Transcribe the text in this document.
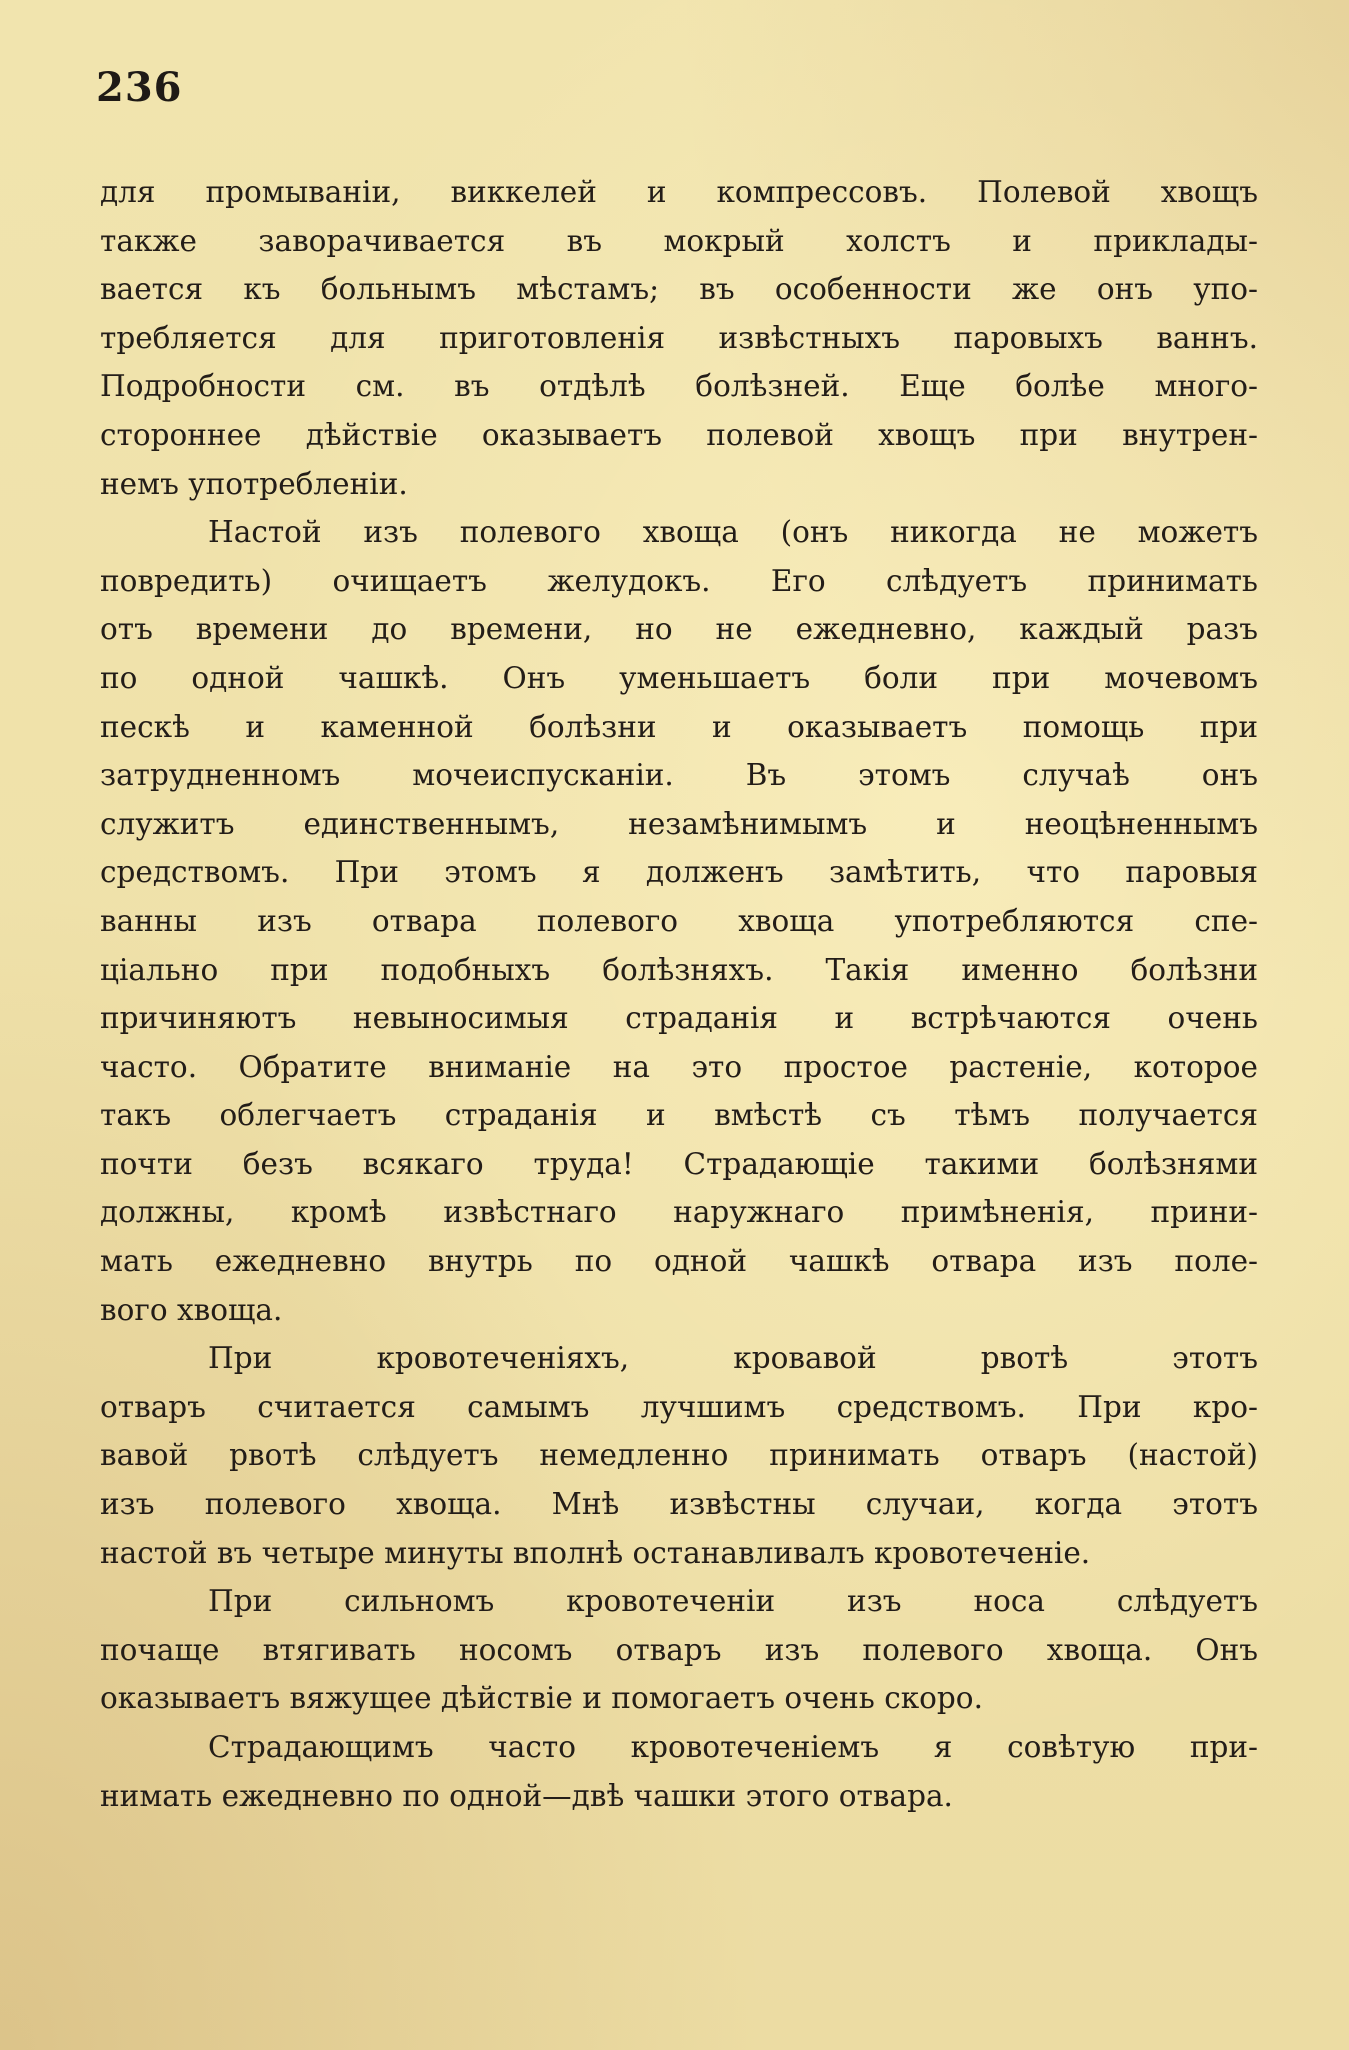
236
для промыванiи, виккелей и компрессовъ. Полевой хвощъ
также заворачивается въ мокрый холстъ и приклады-
вается къ больнымъ мѣстамъ; въ особенности же онъ упо-
требляется для приготовленiя извѣстныхъ паровыхъ ваннъ.
Подробности см. въ отдѣлѣ болѣзней. Еще болѣе много-
стороннее дѣйствiе оказываетъ полевой хвощъ при внутрен-
немъ употребленiи.
Настой изъ полевого хвоща (онъ никогда не можетъ
повредить) очищаетъ желудокъ. Его слѣдуетъ принимать
отъ времени до времени, но не ежедневно, каждый разъ
по одной чашкѣ. Онъ уменьшаетъ боли при мочевомъ
пескѣ и каменной болѣзни и оказываетъ помощь при
затрудненномъ мочеиспусканiи. Въ этомъ случаѣ онъ
служитъ единственнымъ, незамѣнимымъ и неоцѣненнымъ
средствомъ. При этомъ я долженъ замѣтить, что паровыя
ванны изъ отвара полевого хвоща употребляются спе-
цiально при подобныхъ болѣзняхъ. Такiя именно болѣзни
причиняютъ невыносимыя страданiя и встрѣчаются очень
часто. Обратите вниманiе на это простое растенiе, которое
такъ облегчаетъ страданiя и вмѣстѣ съ тѣмъ получается
почти безъ всякаго труда! Страдающiе такими болѣзнями
должны, кромѣ извѣстнаго наружнаго примѣненiя, прини-
мать ежедневно внутрь по одной чашкѣ отвара изъ поле-
вого хвоща.
При кровотеченiяхъ, кровавой рвотѣ этотъ
отваръ считается самымъ лучшимъ средствомъ. При кро-
вавой рвотѣ слѣдуетъ немедленно принимать отваръ (настой)
изъ полевого хвоща. Мнѣ извѣстны случаи, когда этотъ
настой въ четыре минуты вполнѣ останавливалъ кровотеченiе.
При сильномъ кровотеченiи изъ носа слѣдуетъ
почаще втягивать носомъ отваръ изъ полевого хвоща. Онъ
оказываетъ вяжущее дѣйствiе и помогаетъ очень скоро.
Страдающимъ часто кровотеченiемъ я совѣтую при-
нимать ежедневно по одной—двѣ чашки этого отвара.
